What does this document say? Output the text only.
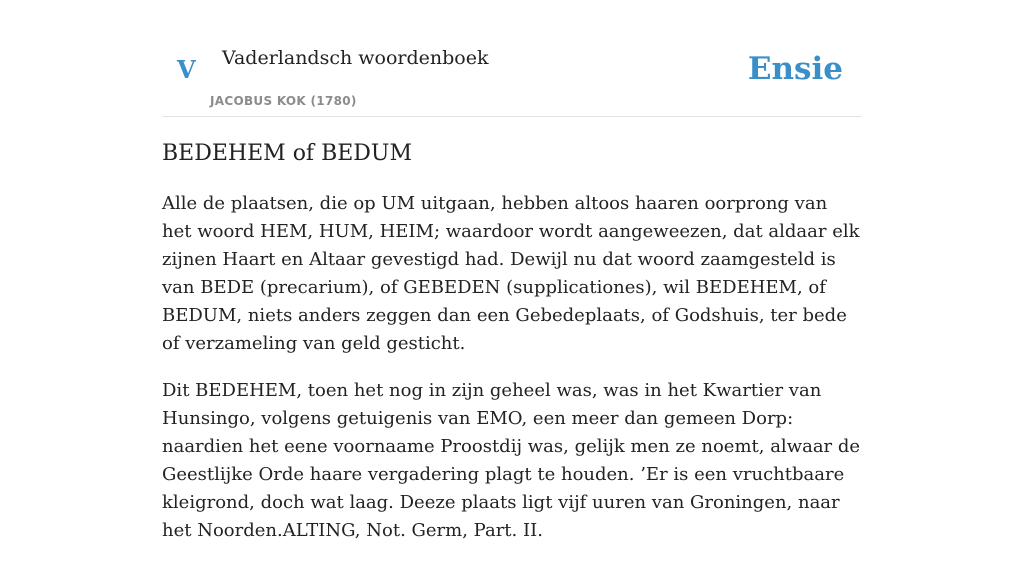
V Vaderlandsch woordenboek
JACOBUS KOK (1780)
Ensie
BEDEHEM of BEDUM

Alle de plaatsen, die op UM uitgaan, hebben altoos haaren oorprong van het woord HEM, HUM, HEIM; waardoor wordt aangeweezen, dat aldaar elk zijnen Haart en Altaar gevestigd had. Dewijl nu dat woord zaamgesteld is van BEDE (precarium), of GEBEDEN (supplicationes), wil BEDEHEM, of BEDUM, niets anders zeggen dan een Gebedeplaats, of Godshuis, ter bede of verzameling van geld gesticht.

Dit BEDEHEM, toen het nog in zijn geheel was, was in het Kwartier van Hunsingo, volgens getuigenis van EMO, een meer dan gemeen Dorp: naardien het eene voornaame Proostdij was, gelijk men ze noemt, alwaar de Geestlijke Orde haare vergadering plagt te houden. ’Er is een vruchtbaare kleigrond, doch wat laag. Deeze plaats ligt vijf uuren van Groningen, naar het Noorden.ALTING, Not. Germ, Part. II.
